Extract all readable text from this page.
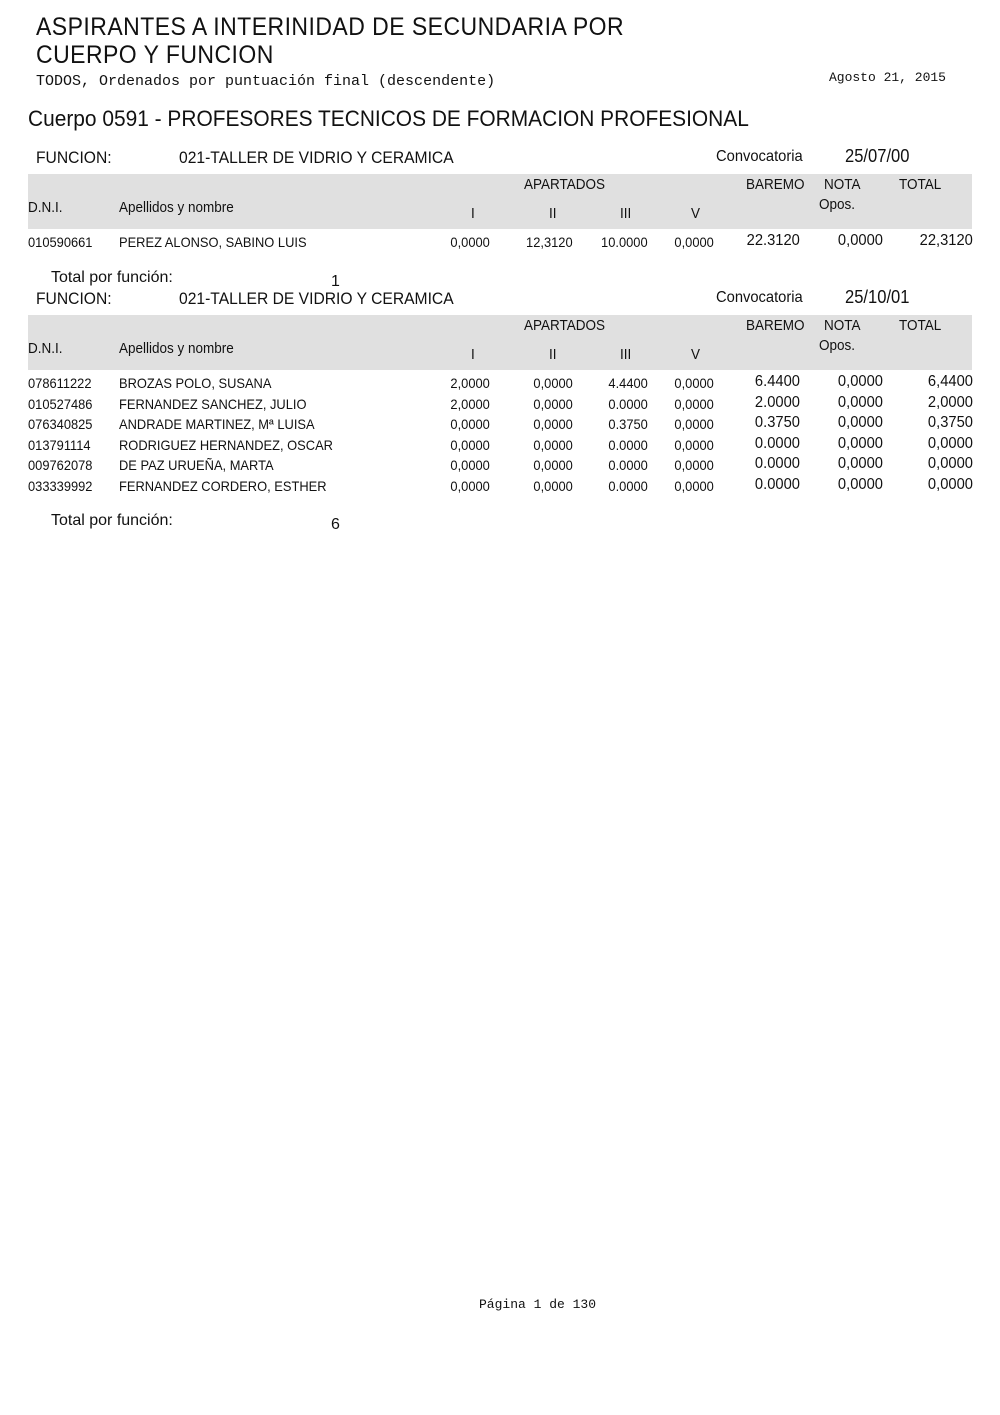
ASPIRANTES A INTERINIDAD DE SECUNDARIA POR
CUERPO Y FUNCION
TODOS, Ordenados por puntuación final (descendente)	Agosto 21, 2015
Cuerpo 0591 - PROFESORES TECNICOS DE FORMACION PROFESIONAL
FUNCION:	021-TALLER DE VIDRIO Y CERAMICA	Convocatoria 25/07/00
D.N.I.	Apellidos y nombre
APARTADOS
I	II	III	V
BAREMO NOTA
Opos.
TOTAL
010590661 PEREZ ALONSO, SABINO LUIS	0,0000	12,3120 10.0000 0,0000 22.3120 0,0000 22,3120
Total por función:	1
FUNCION:	021-TALLER DE VIDRIO Y CERAMICA	Convocatoria 25/10/01
D.N.I.	Apellidos y nombre
APARTADOS
I	II	III	V
BAREMO NOTA
Opos.
TOTAL
078611222 BROZAS POLO, SUSANA	2,0000	0,0000	4.4400 0,0000	6.4400 0,0000	6,4400
010527486 FERNANDEZ SANCHEZ, JULIO	2,0000	0,0000	0.0000 0,0000	2.0000 0,0000	2,0000
076340825 ANDRADE MARTINEZ, Mª LUISA	0,0000	0,0000	0.3750 0,0000	0.3750 0,0000	0,3750
013791114 RODRIGUEZ HERNANDEZ, OSCAR	0,0000	0,0000	0.0000 0,0000	0.0000 0,0000	0,0000
009762078 DE PAZ URUEÑA, MARTA	0,0000	0,0000	0.0000 0,0000	0.0000 0,0000	0,0000
033339992 FERNANDEZ CORDERO, ESTHER	0,0000	0,0000	0.0000 0,0000	0.0000 0,0000	0,0000
Total por función:	6
Página 1 de 130
